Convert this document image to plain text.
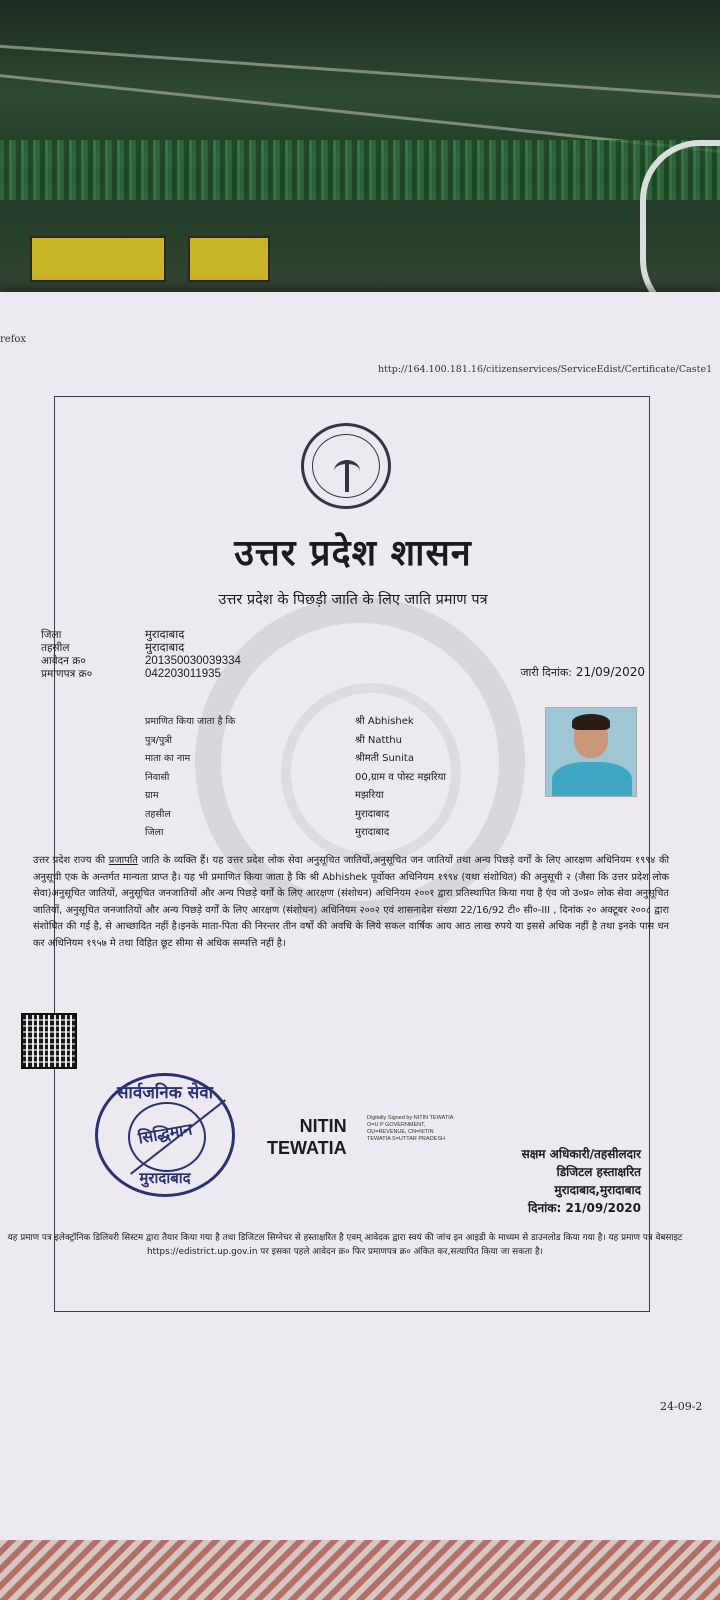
refox
http://164.100.181.16/citizenservices/ServiceEdist/Certificate/Caste1
उत्तर प्रदेश शासन
उत्तर प्रदेश के पिछड़ी जाति के लिए जाति प्रमाण पत्र
जिला	मुरादाबाद
तहसील	मुरादाबाद
आवेदन क्र०	201350030039334
प्रमाणपत्र क्र०	042203011935	जारी दिनांक: 21/09/2020
प्रमाणित किया जाता है कि	श्री Abhishek
पुत्र/पुत्री	श्री Natthu
माता का नाम	श्रीमती Sunita
निवासी	00,ग्राम व पोस्ट मझरिया
ग्राम	मझरिया
तहसील	मुरादाबाद
जिला	मुरादाबाद

उत्तर प्रदेश राज्य की प्रजापति जाति के व्यक्ति हैं। यह उत्तर प्रदेश लोक सेवा अनुसूचित जातियों,अनुसूचित जन जातियों तथा अन्य पिछड़े वर्गों के लिए आरक्षण अधिनियम १९९४ की अनुसूची एक के अन्तर्गत मान्यता प्राप्त है। यह भी प्रमाणित किया जाता है कि श्री Abhishek पूर्वोक्त अधिनियम १९९४ (यथा संशोधित) की अनुसूची २ (जैसा कि उत्तर प्रदेश लोक सेवा)अनुसूचित जातियों, अनुसूचित जनजातियों और अन्य पिछड़े वर्गों के लिए आरक्षण (संशोधन) अधिनियम २००१ द्वारा प्रतिस्थापित किया गया है एंव जो उ०प्र० लोक सेवा अनुसूचित जातियों, अनुसूचित जनजातियों और अन्य पिछड़े वर्गों के लिए आरक्षण (संशोधन) अधिनियम २००२ एवं शासनादेश संख्या 22/16/92 टी० सी०-III , दिनांक २० अक्टूबर २००८ द्वारा संशोधित की गई है, से आच्छादित नहीं है।इनके माता-पिता की निरन्तर तीन वर्षों की अवधि के लिये सकल वार्षिक आय आठ लाख रुपये या इससे अधिक नहीं है तथा इनके पास धन कर अधिनियम १९५७ मे तथा विहित छूट सीमा से अधिक सम्पत्ति नहीं है।

सार्वजनिक सेवा
सिद्धिमान
मुरादाबाद
NITIN
TEWATIA
Digitally Signed by NITIN TEWATIA O=U P GOVERNMENT, OU=REVENUE, CN=NITIN TEWATIA S=UTTAR PRADESH
सक्षम अधिकारी/तहसीलदार
डिजिटल हस्ताक्षरित
मुरादाबाद,मुरादाबाद
दिनांक: 21/09/2020

यह प्रमाण पत्र इलेक्ट्रॉनिक डिलिवरी सिस्टम द्वारा तैयार किया गया है तथा डिजिटल सिग्नेचर से हस्ताक्षरित है एवम् आवेदक द्वारा स्वयं की जांच इन आइडी के माध्यम से डाउनलोड किया गया है। यह प्रमाण पत्र वेबसाइट https://edistrict.up.gov.in पर इसका पहले आवेदन क्र० फिर प्रमाणपत्र क्र० अंकित कर,सत्यापित किया जा सकता है।

24-09-2
